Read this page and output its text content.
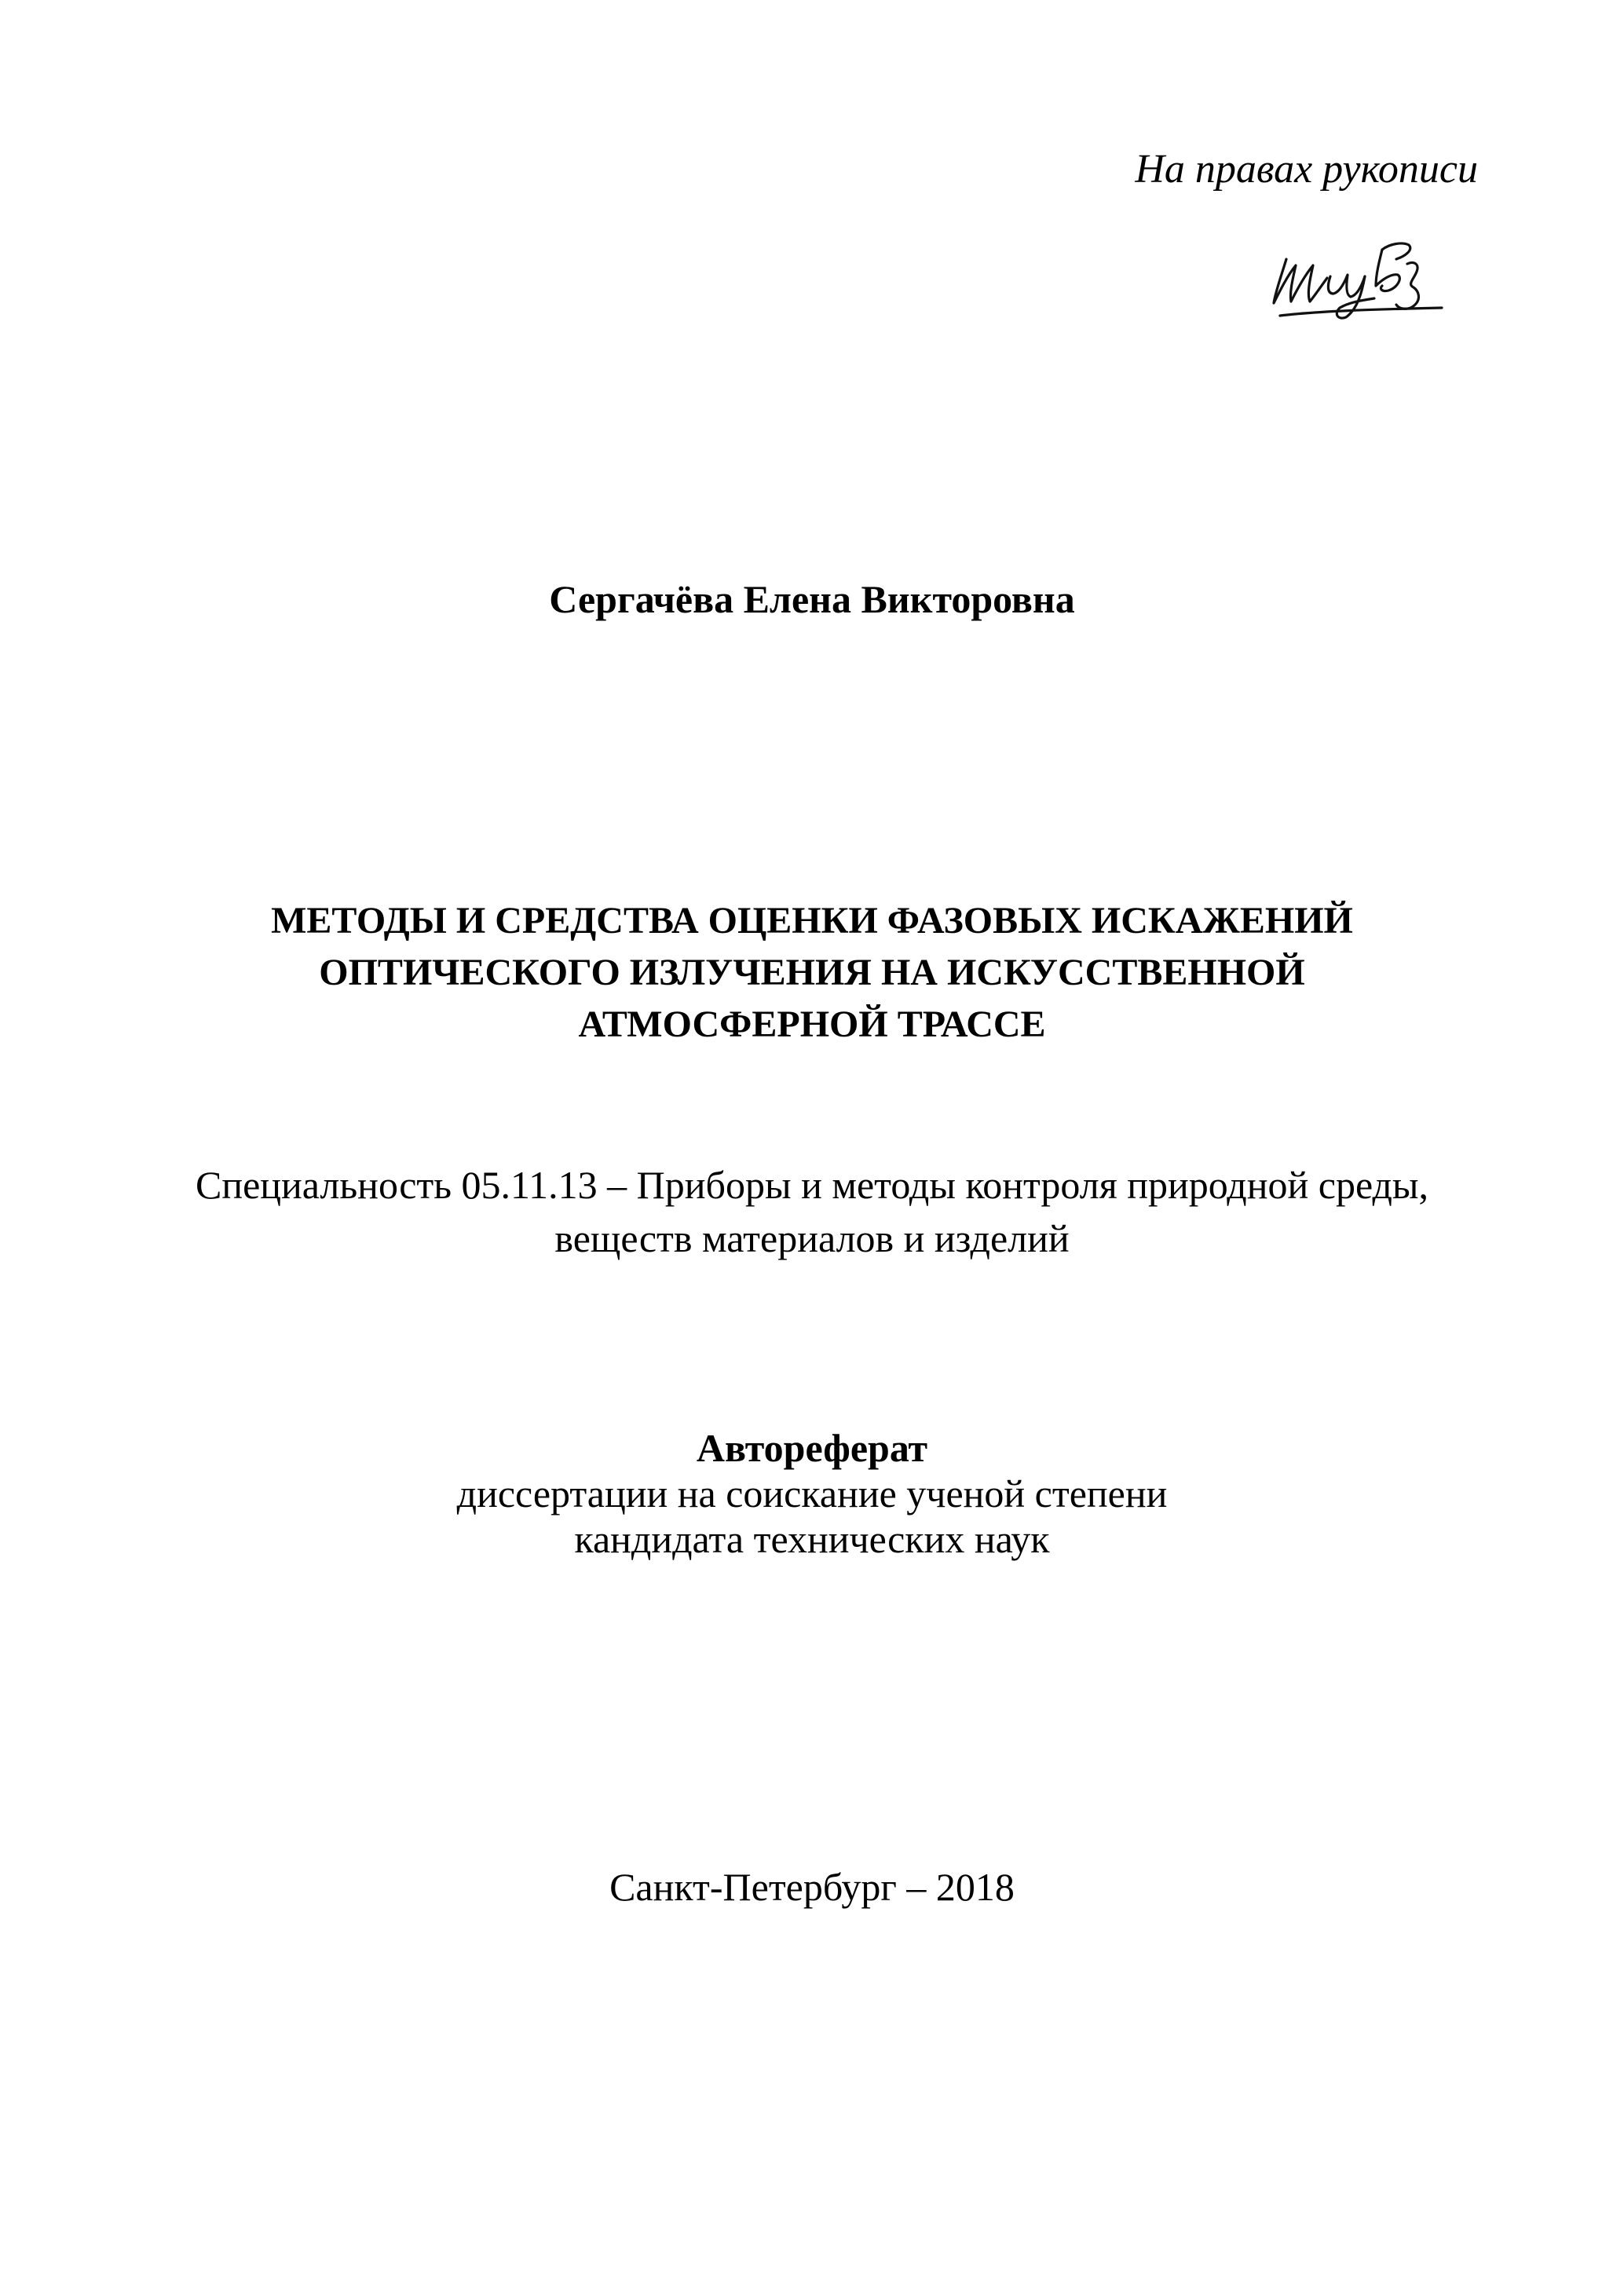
На правах рукописи
Сергачёва Елена Викторовна
МЕТОДЫ И СРЕДСТВА ОЦЕНКИ ФАЗОВЫХ ИСКАЖЕНИЙ
ОПТИЧЕСКОГО ИЗЛУЧЕНИЯ НА ИСКУССТВЕННОЙ
АТМОСФЕРНОЙ ТРАССЕ
Специальность 05.11.13 – Приборы и методы контроля природной среды,
веществ материалов и изделий
Автореферат
диссертации на соискание ученой степени
кандидата технических наук
Санкт-Петербург – 2018
